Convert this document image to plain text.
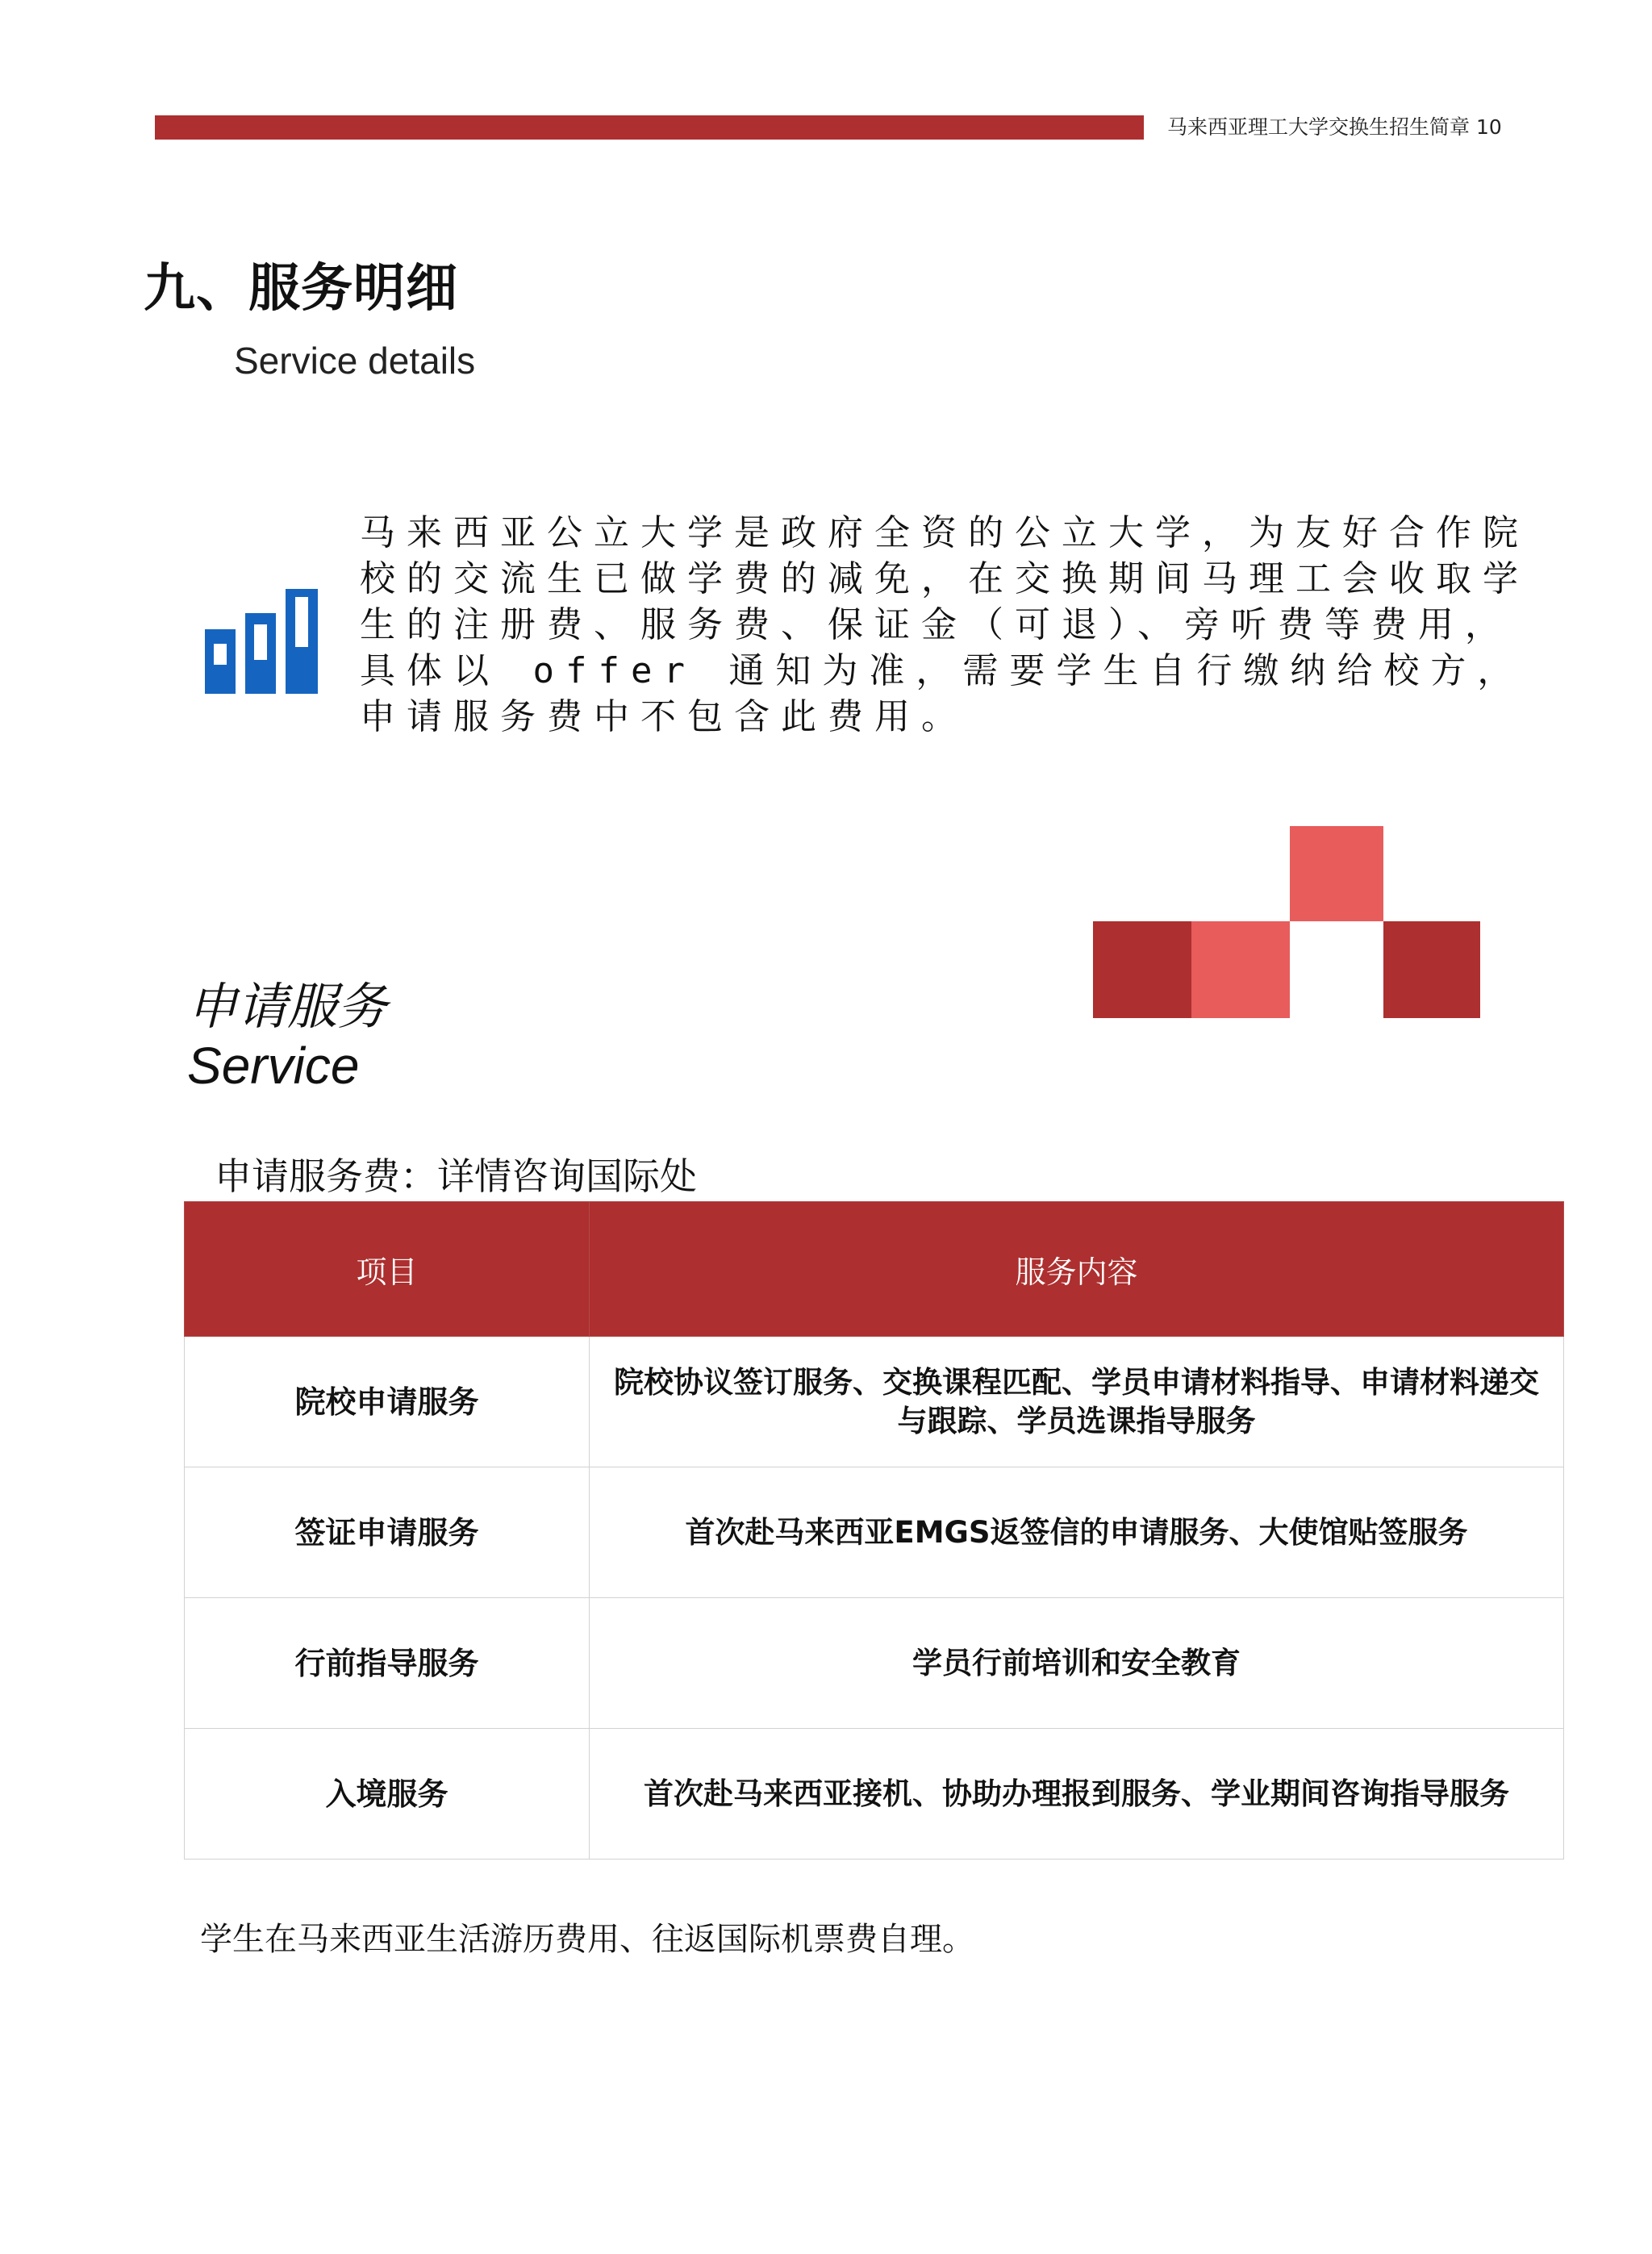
马来西亚理工大学交换生招生简章 10
九、服务明细
Service details
马来西亚公立大学是政府全资的公立大学，为友好合作院校的交流生已做学费的减免，在交换期间马理工会收取学生的注册费、服务费、保证金（可退）、旁听费等费用，具体以 offer 通知为准，需要学生自行缴纳给校方，申请服务费中不包含此费用。
申请服务
Service
申请服务费：详情咨询国际处
项目	服务内容
院校申请服务	院校协议签订服务、交换课程匹配、学员申请材料指导、申请材料递交与跟踪、学员选课指导服务
签证申请服务	首次赴马来西亚EMGS返签信的申请服务、大使馆贴签服务
行前指导服务	学员行前培训和安全教育
入境服务	首次赴马来西亚接机、协助办理报到服务、学业期间咨询指导服务
学生在马来西亚生活游历费用、往返国际机票费自理。
